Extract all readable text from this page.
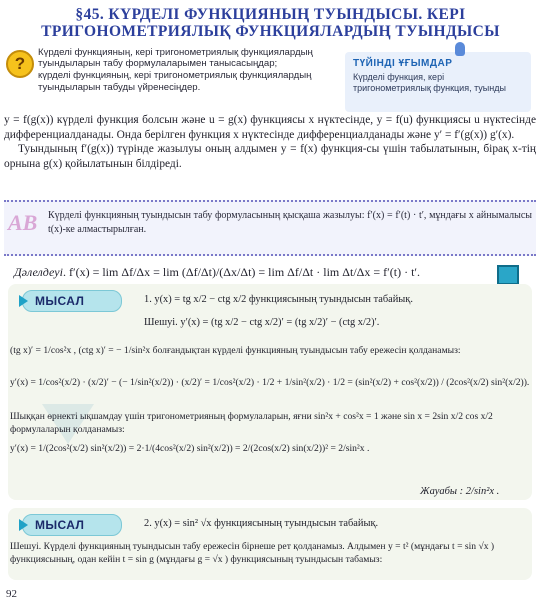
§45. КҮРДЕЛІ ФУНКЦИЯНЫҢ ТУЫНДЫСЫ. КЕРІ
ТРИГОНОМЕТРИЯЛЫҚ ФУНКЦИЯЛАРДЫҢ ТУЫНДЫСЫ
?

Күрделі функцияның, кері тригонометриялық функциялардың туындыларын табу формулаларымен танысасыңдар;

күрделі функцияның, кері тригонометриялық функциялардың туындыларын табуды үйренесіңдер.

ТҮЙІНДІ ҰҒЫМДАР
Күрделі функция, кері тригонометриялық функция, туынды

y = f(g(x)) күрделі функция болсын және u = g(x) функциясы x нүктесінде, y = f(u) функциясы u нүктесінде дифференциалданады. Онда берілген функция x нүктесінде дифференциалданады және y′ = f′(g(x)) g′(x).

Туындының f′(g(x)) түрінде жазылуы оның алдымен y = f(x) функция-сы үшін табылатынын, бірақ x-тің орнына g(x) қойылатынын білдіреді.

AB Күрделі функцияның туындысын табу формуласының қысқаша жазылуы: f′(x) = f′(t) · t′, мұндағы x айнымалысы t(x)-ке алмастырылған.
Дәлелдеуі. f′(x) = lim Δf/Δx = lim (Δf/Δt)/(Δx/Δt) = lim Δf/Δt · lim Δt/Δx = f′(t) · t′.
МЫСАЛ	1. y(x) = tg x/2 − ctg x/2 функциясының туындысын табайық.
Шешуі. y′(x) = (tg x/2 − ctg x/2)′ = (tg x/2)′ − (ctg x/2)′.
(tg x)′ = 1/cos²x , (ctg x)′ = − 1/sin²x болғандықтан күрделі функцияның туындысын табу ережесін қолданамыз:
y′(x) = 1/cos²(x/2) · (x/2)′ − (− 1/sin²(x/2)) · (x/2)′ = 1/cos²(x/2) · 1/2 + 1/sin²(x/2) · 1/2 = (sin²(x/2) + cos²(x/2)) / (2cos²(x/2) sin²(x/2)).
Шыққан өрнекті ықшамдау үшін тригонометрияның формулаларын, яғни sin²x + cos²x = 1 және sin x = 2sin x/2 cos x/2 формулаларын қолданамыз:
y′(x) = 1/(2cos²(x/2) sin²(x/2)) = 2·1/(4cos²(x/2) sin²(x/2)) = 2/(2cos(x/2) sin(x/2))² = 2/sin²x .
Жауабы : 2/sin²x .
МЫСАЛ	2. y(x) = sin² √x функциясының туындысын табайық.
Шешуі. Күрделі функцияның туындысын табу ережесін бірнеше рет қолданамыз. Алдымен y = t² (мұндағы t = sin √x ) функциясының, одан кейін t = sin g (мұндағы g = √x ) функциясының туындысын табамыз:
92
